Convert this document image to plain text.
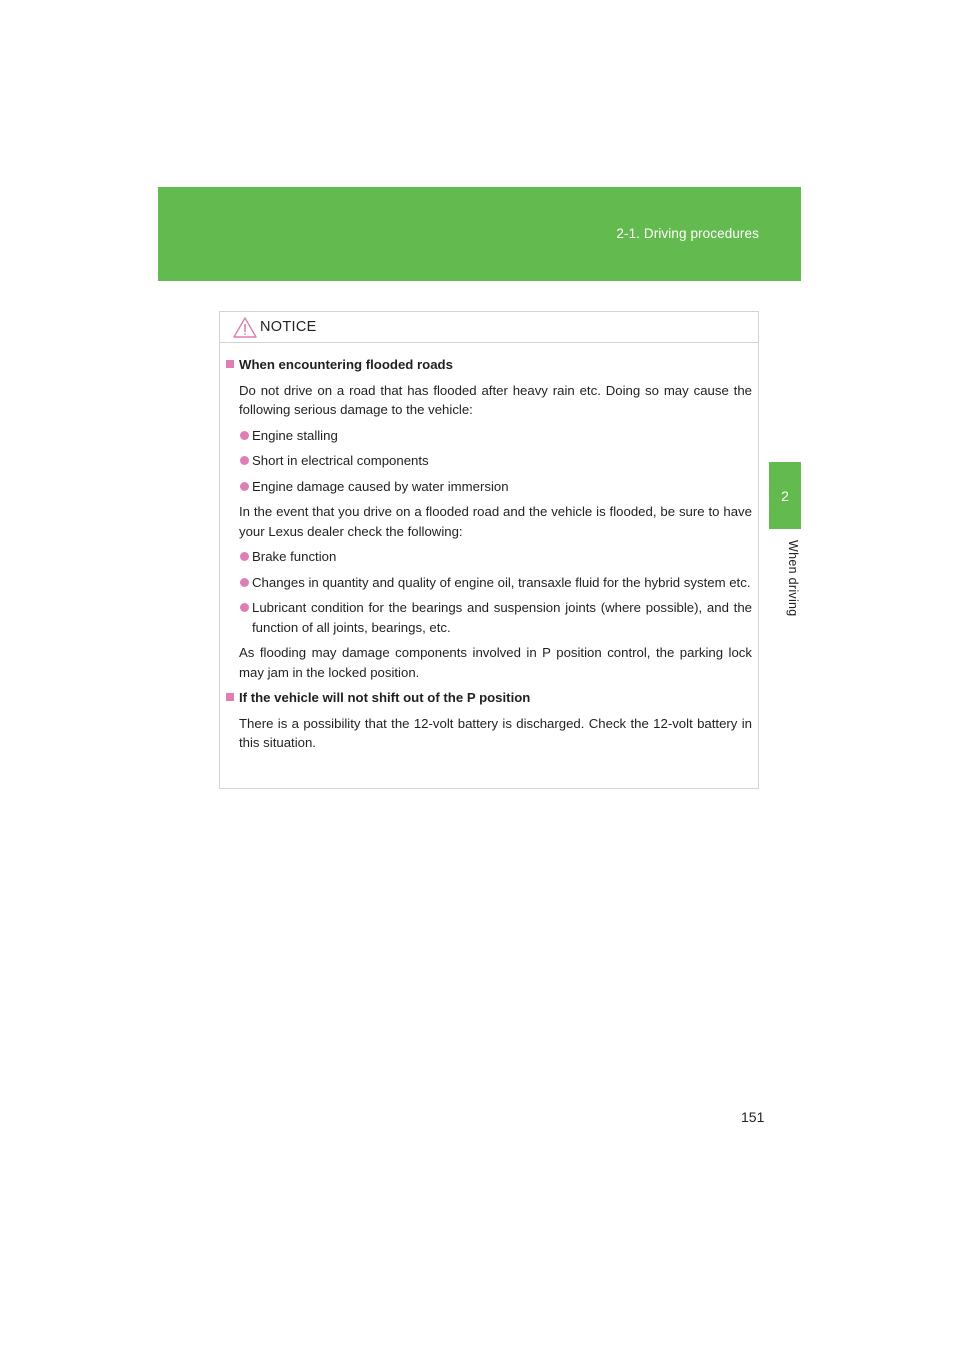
2-1. Driving procedures
2
When driving
NOTICE
When encountering flooded roads
Do not drive on a road that has flooded after heavy rain etc. Doing so may cause the following serious damage to the vehicle:
Engine stalling
Short in electrical components
Engine damage caused by water immersion
In the event that you drive on a flooded road and the vehicle is flooded, be sure to have your Lexus dealer check the following:
Brake function
Changes in quantity and quality of engine oil, transaxle fluid for the hybrid system etc.
Lubricant condition for the bearings and suspension joints (where possible), and the function of all joints, bearings, etc.
As flooding may damage components involved in P position control, the parking lock may jam in the locked position.
If the vehicle will not shift out of the P position
There is a possibility that the 12-volt battery is discharged. Check the 12-volt battery in this situation.
151
